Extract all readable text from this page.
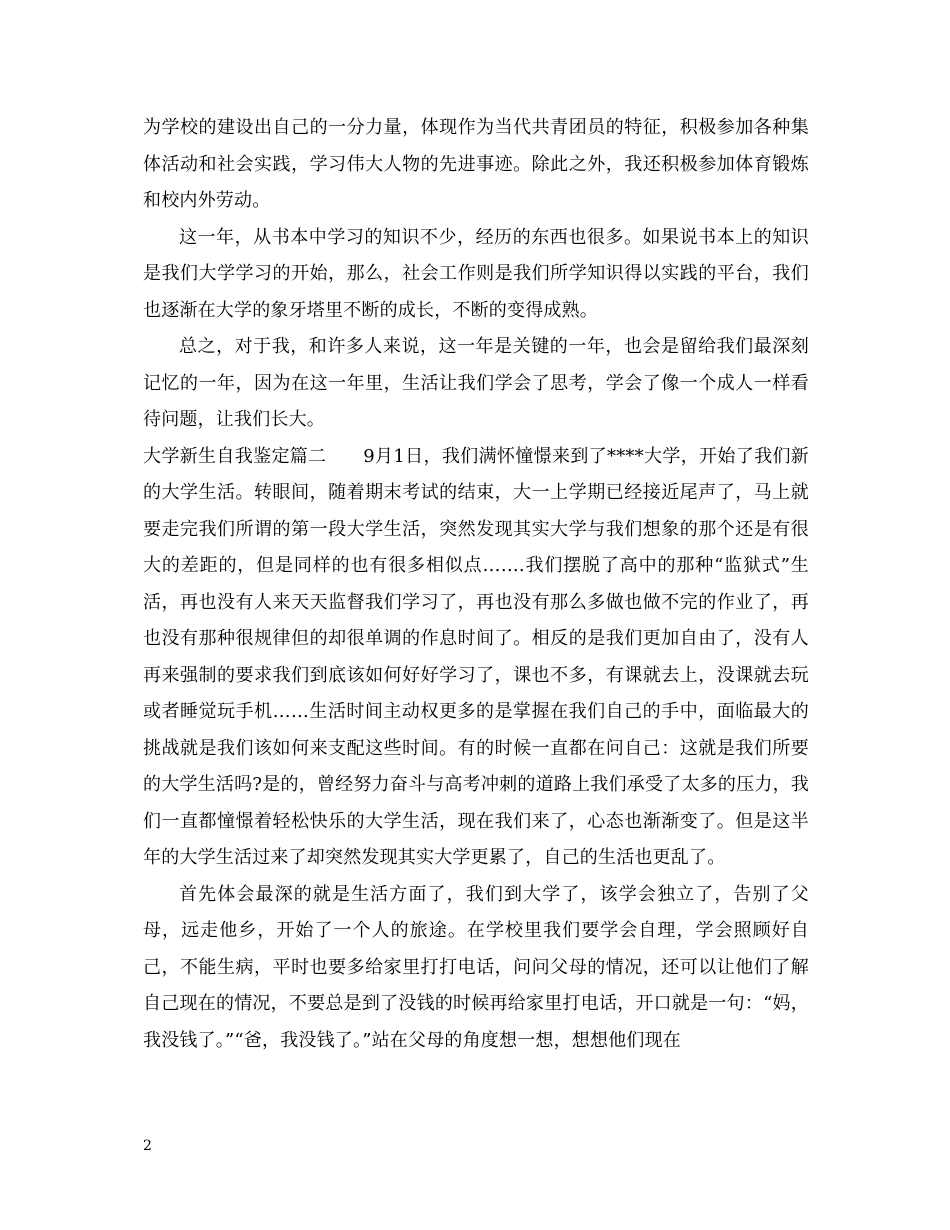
为学校的建设出自己的一分力量，体现作为当代共青团员的特征，积极参加各种集体活动和社会实践，学习伟大人物的先进事迹。除此之外，我还积极参加体育锻炼和校内外劳动。

这一年，从书本中学习的知识不少，经历的东西也很多。如果说书本上的知识是我们大学学习的开始，那么，社会工作则是我们所学知识得以实践的平台，我们也逐渐在大学的象牙塔里不断的成长，不断的变得成熟。

总之，对于我，和许多人来说，这一年是关键的一年，也会是留给我们最深刻记忆的一年，因为在这一年里，生活让我们学会了思考，学会了像一个成人一样看待问题，让我们长大。

大学新生自我鉴定篇二　　9月1日，我们满怀憧憬来到了****大学，开始了我们新的大学生活。转眼间，随着期末考试的结束，大一上学期已经接近尾声了，马上就要走完我们所谓的第一段大学生活，突然发现其实大学与我们想象的那个还是有很大的差距的，但是同样的也有很多相似点…….我们摆脱了高中的那种“监狱式”生活，再也没有人来天天监督我们学习了，再也没有那么多做也做不完的作业了，再也没有那种很规律但的却很单调的作息时间了。相反的是我们更加自由了，没有人再来强制的要求我们到底该如何好好学习了，课也不多，有课就去上，没课就去玩或者睡觉玩手机……生活时间主动权更多的是掌握在我们自己的手中，面临最大的挑战就是我们该如何来支配这些时间。有的时候一直都在问自己：这就是我们所要的大学生活吗?是的，曾经努力奋斗与高考冲刺的道路上我们承受了太多的压力，我们一直都憧憬着轻松快乐的大学生活，现在我们来了，心态也渐渐变了。但是这半年的大学生活过来了却突然发现其实大学更累了，自己的生活也更乱了。

首先体会最深的就是生活方面了，我们到大学了，该学会独立了，告别了父母，远走他乡，开始了一个人的旅途。在学校里我们要学会自理，学会照顾好自己，不能生病，平时也要多给家里打打电话，问问父母的情况，还可以让他们了解自己现在的情况，不要总是到了没钱的时候再给家里打电话，开口就是一句：“妈，我没钱了。”“爸，我没钱了。”站在父母的角度想一想，想想他们现在

2
